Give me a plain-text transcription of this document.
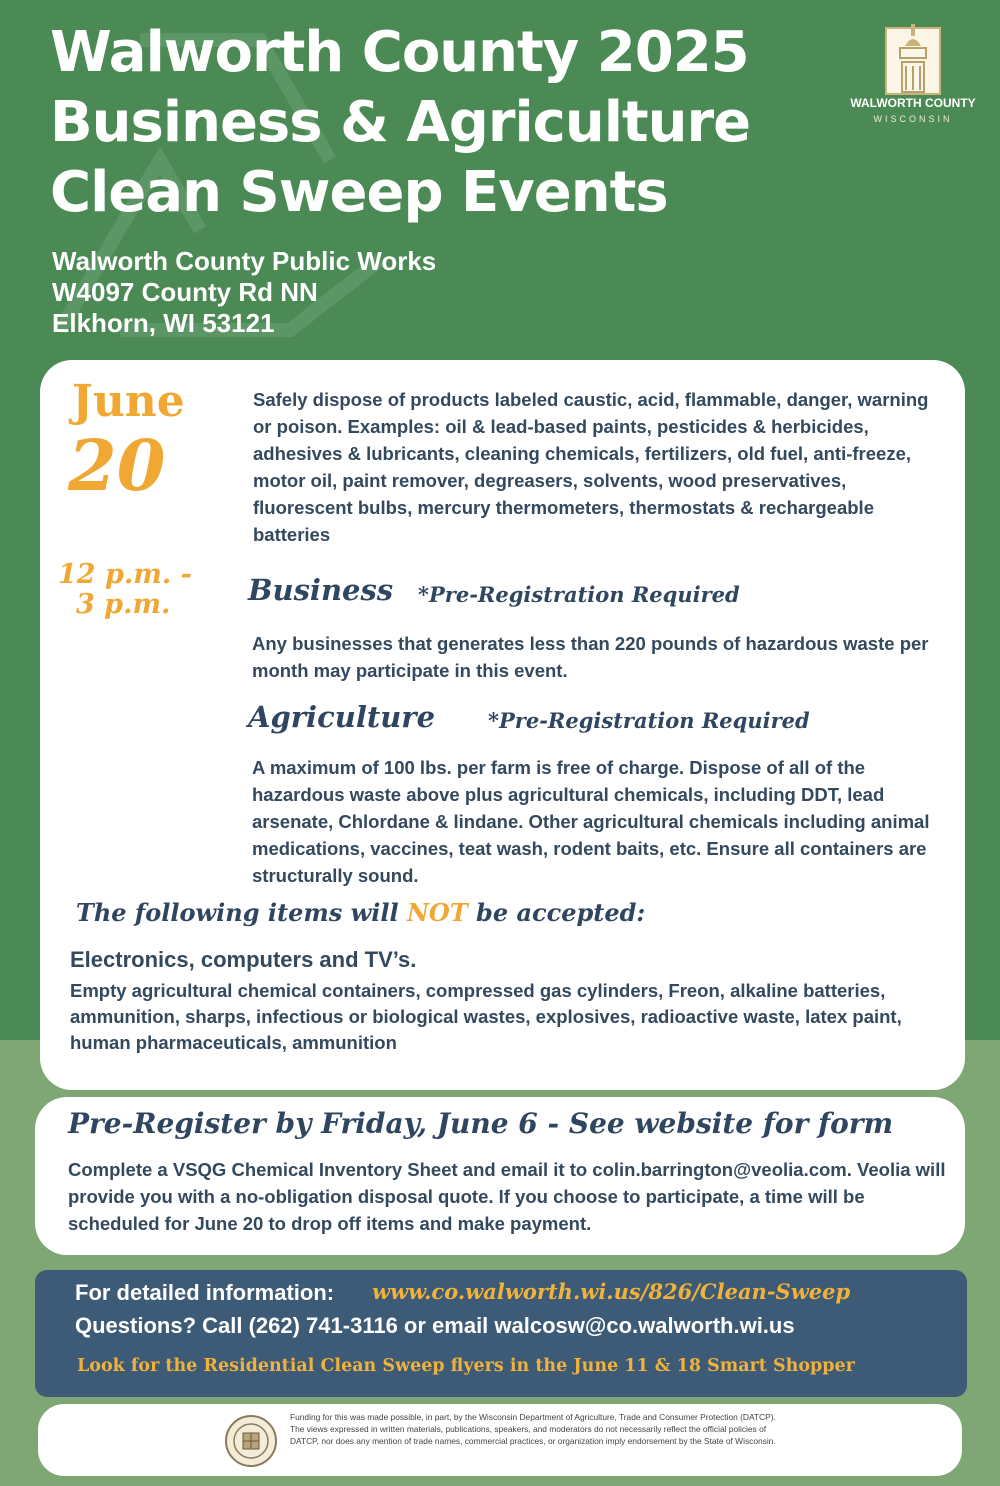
Walworth County 2025
Business & Agriculture
Clean Sweep Events
WALWORTH COUNTY
WISCONSIN
Walworth County Public Works
W4097 County Rd NN
Elkhorn, WI 53121
June
20
12 p.m. -
3 p.m.

Safely dispose of products labeled caustic, acid, flammable, danger, warning or poison. Examples: oil & lead-based paints, pesticides & herbicides, adhesives & lubricants, cleaning chemicals, fertilizers, old fuel, anti-freeze, motor oil, paint remover, degreasers, solvents, wood preservatives, fluorescent bulbs, mercury thermometers, thermostats & rechargeable batteries

Business *Pre-Registration Required

Any businesses that generates less than 220 pounds of hazardous waste per month may participate in this event.

Agriculture	*Pre-Registration Required

A maximum of 100 lbs. per farm is free of charge. Dispose of all of the hazardous waste above plus agricultural chemicals, including DDT, lead arsenate, Chlordane & lindane. Other agricultural chemicals including animal medications, vaccines, teat wash, rodent baits, etc. Ensure all containers are structurally sound.

The following items will NOT be accepted:
Electronics, computers and TV’s.

Empty agricultural chemical containers, compressed gas cylinders, Freon, alkaline batteries, ammunition, sharps, infectious or biological wastes, explosives, radioactive waste, latex paint, human pharmaceuticals, ammunition

Pre-Register by Friday, June 6 - See website for form

Complete a VSQG Chemical Inventory Sheet and email it to colin.barrington@veolia.com. Veolia will provide you with a no-obligation disposal quote. If you choose to participate, a time will be scheduled for June 20 to drop off items and make payment.

For detailed information: www.co.walworth.wi.us/826/Clean-Sweep
Questions? Call (262) 741-3116 or email walcosw@co.walworth.wi.us
Look for the Residential Clean Sweep flyers in the June 11 & 18 Smart Shopper

Funding for this was made possible, in part, by the Wisconsin Department of Agriculture, Trade and Consumer Protection (DATCP). The views expressed in written materials, publications, speakers, and moderators do not necessarily reflect the official policies of DATCP, nor does any mention of trade names, commercial practices, or organization imply endorsement by the State of Wisconsin.
